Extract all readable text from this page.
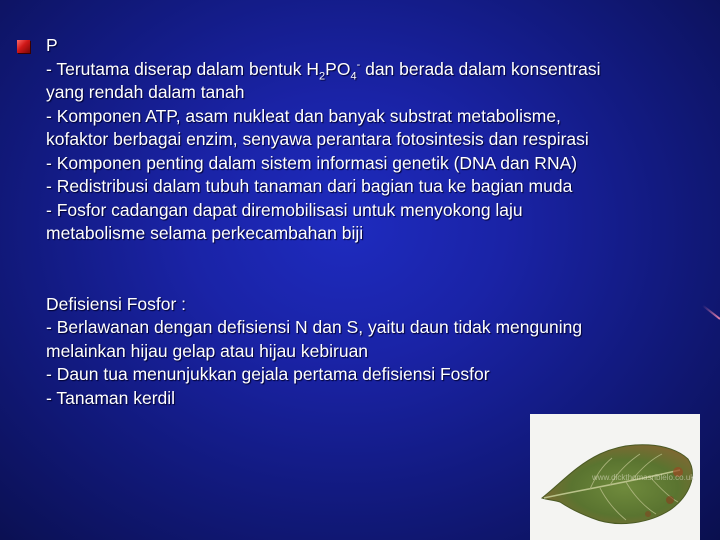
P

- Terutama diserap dalam bentuk $H_2PO_4^-$ dan berada dalam konsentrasi

yang rendah dalam tanah

- Komponen ATP, asam nukleat dan banyak substrat metabolisme,

kofaktor berbagai enzim, senyawa perantara fotosintesis dan respirasi

- Komponen penting dalam sistem informasi genetik (DNA dan RNA)

- Redistribusi dalam tubuh tanaman dari bagian tua ke bagian muda

- Fosfor cadangan dapat diremobilisasi untuk menyokong laju

metabolisme selama perkecambahan biji

Defisiensi Fosfor :

- Berlawanan dengan defisiensi N dan S, yaitu daun tidak menguning

melainkan hijau gelap atau hijau kebiruan

- Daun tua menunjukkan gejala pertama defisiensi Fosfor

- Tanaman kerdil

www.dickthomasriblelo.co.uk
